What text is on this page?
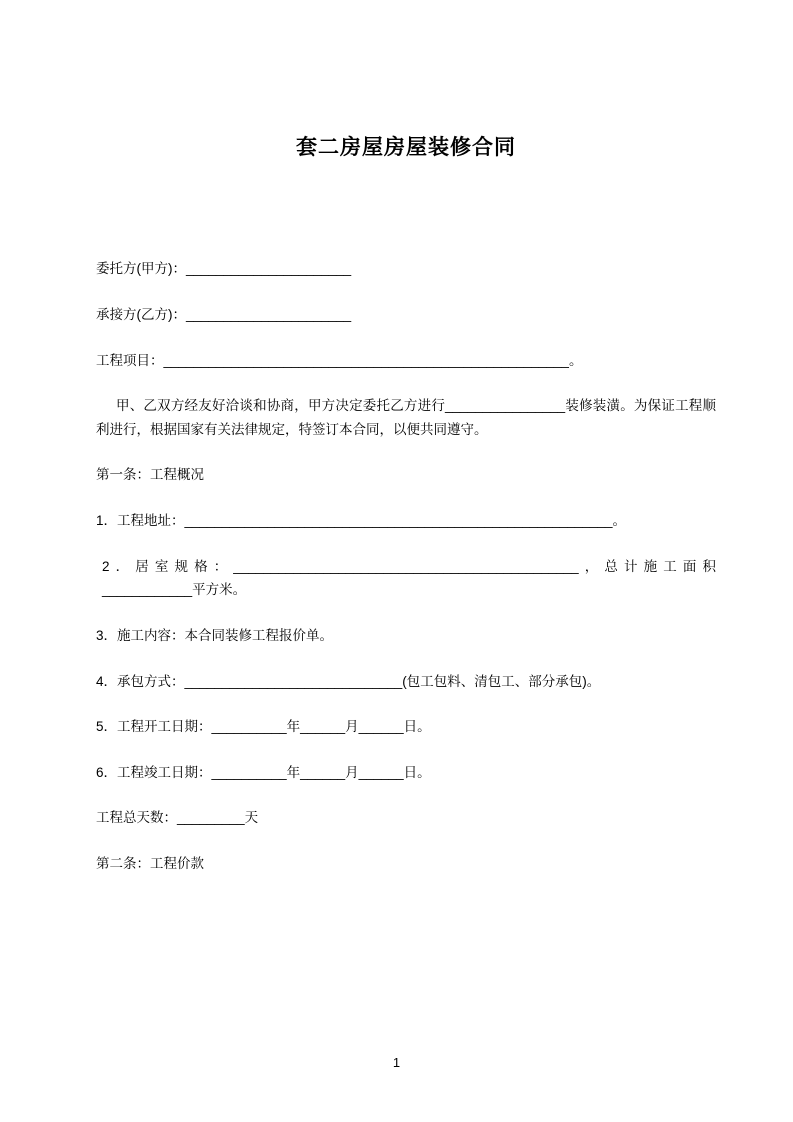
套二房屋房屋装修合同

委托方(甲方)：______________________

承接方(乙方)：______________________

工程项目：______________________________________________________。

甲、乙双方经友好洽谈和协商，甲方决定委托乙方进行________________装修装潢。为保证工程顺利进行，根据国家有关法律规定，特签订本合同，以便共同遵守。

第一条：工程概况

1．工程地址：_________________________________________________________。

2．居室规格：______________________________________________，总计施工面积____________平方米。

3．施工内容：本合同装修工程报价单。

4．承包方式：_____________________________(包工包料、清包工、部分承包)。

5．工程开工日期：__________年______月______日。

6．工程竣工日期：__________年______月______日。

工程总天数：_________天

第二条：工程价款

1
